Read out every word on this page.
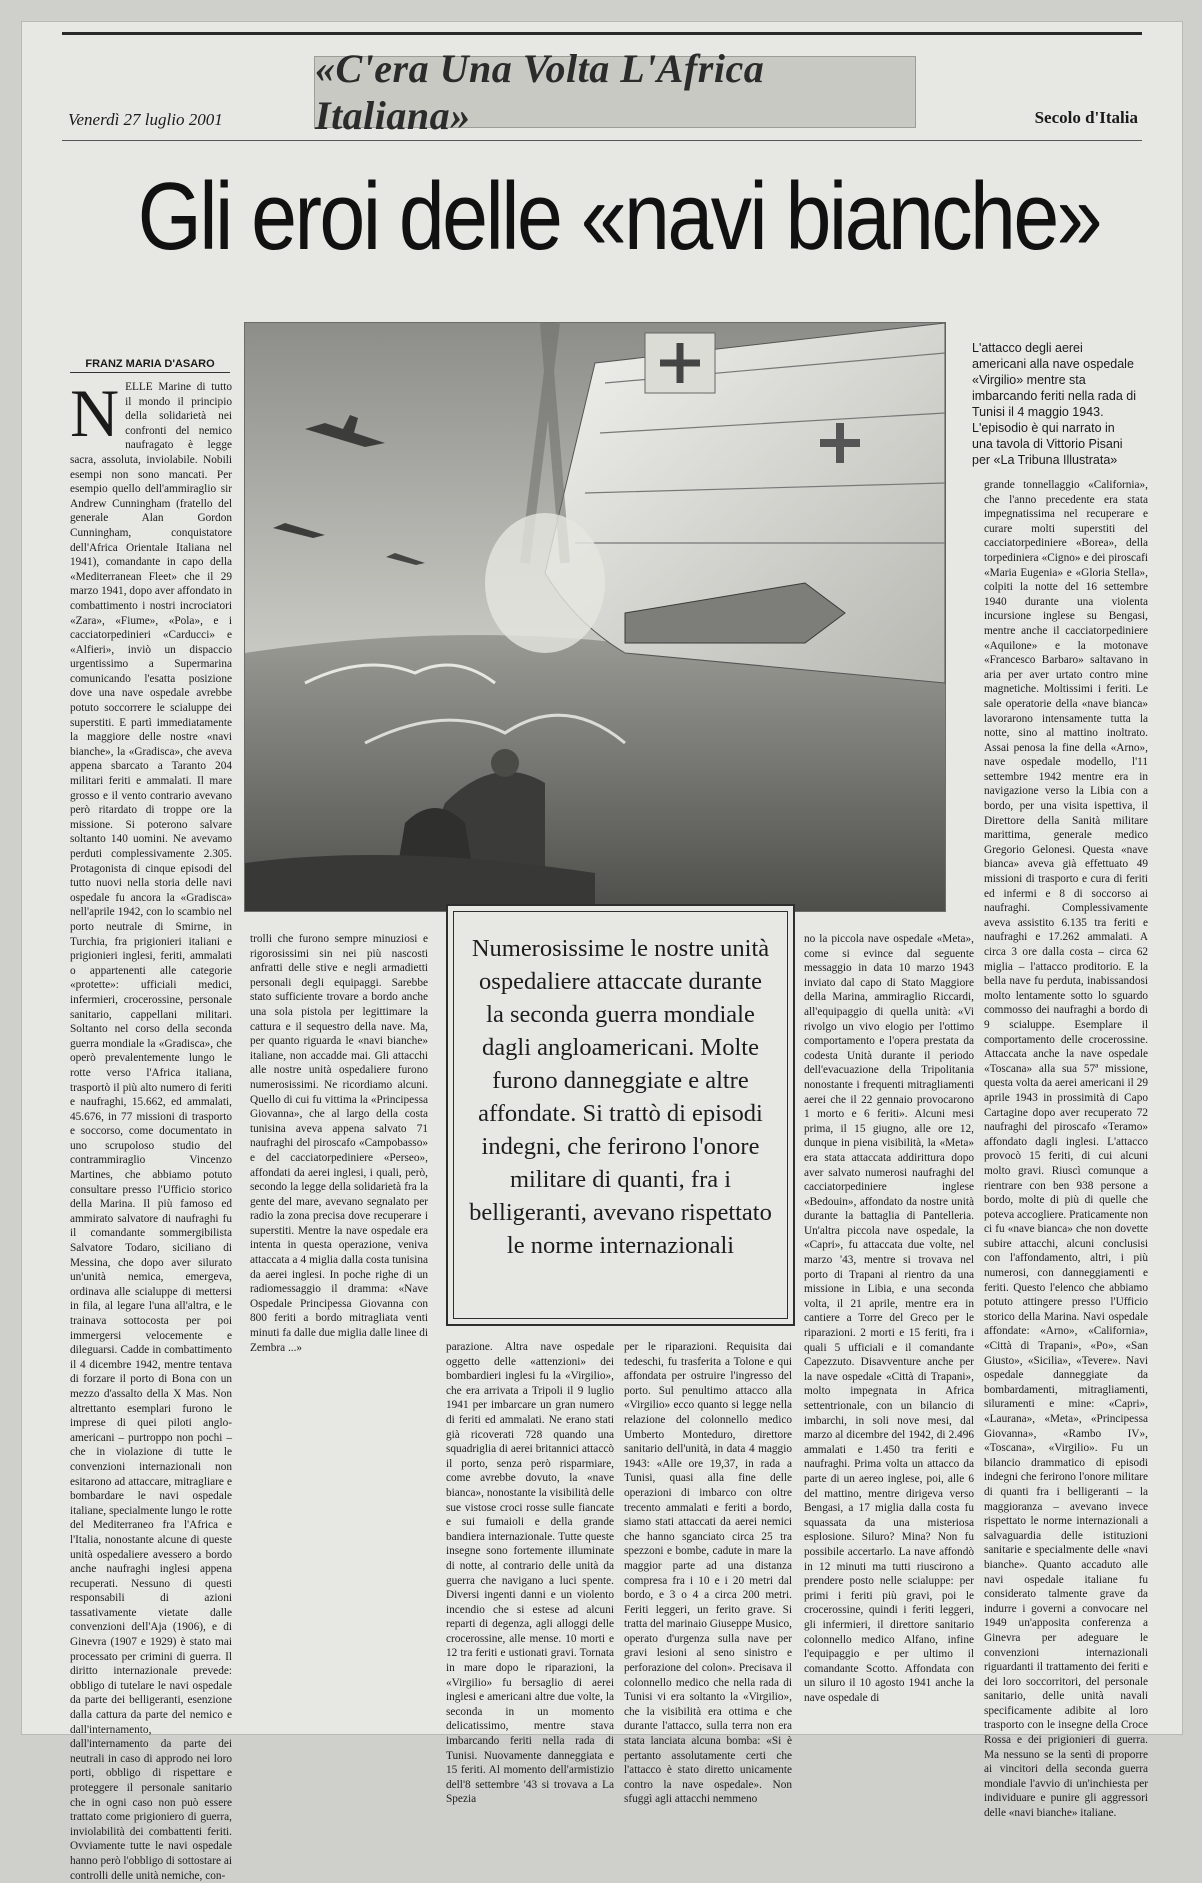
«C'era Una Volta L'Africa Italiana»
Venerdì 27 luglio 2001	Secolo d'Italia
Gli eroi delle «navi bianche»
L'attacco degli aerei americani alla nave ospedale «Virgilio» mentre sta imbarcando feriti nella rada di Tunisi il 4 maggio 1943. L'episodio è qui narrato in una tavola di Vittorio Pisani per «La Tribuna Illustrata»
FRANZ MARIA D'ASARO
N ELLE Marine di tutto il mondo il principio della solidarietà nei confronti del nemico naufragato è legge sacra, assoluta, inviolabile. Nobili esempi non sono mancati. Per esempio quello dell'ammiraglio sir Andrew Cunningham (fratello del generale Alan Gordon Cunningham, conquistatore dell'Africa Orientale Italiana nel 1941), comandante in capo della «Mediterranean Fleet» che il 29 marzo 1941, dopo aver affondato in combattimento i nostri incrociatori «Zara», «Fiume», «Pola», e i cacciatorpedinieri «Carducci» e «Alfieri», inviò un dispaccio urgentissimo a Supermarina comunicando l'esatta posizione dove una nave ospedale avrebbe potuto soccorrere le scialuppe dei superstiti. E partì immediatamente la maggiore delle nostre «navi bianche», la «Gradisca», che aveva appena sbarcato a Taranto 204 militari feriti e ammalati. Il mare grosso e il vento contrario avevano però ritardato di troppe ore la missione. Si poterono salvare soltanto 140 uomini. Ne avevamo perduti complessivamente 2.305. Protagonista di cinque episodi del tutto nuovi nella storia delle navi ospedale fu ancora la «Gradisca» nell'aprile 1942, con lo scambio nel porto neutrale di Smirne, in Turchia, fra prigionieri italiani e prigionieri inglesi, feriti, ammalati o appartenenti alle categorie «protette»: ufficiali medici, infermieri, crocerossine, personale sanitario, cappellani militari. Soltanto nel corso della seconda guerra mondiale la «Gradisca», che operò prevalentemente lungo le rotte verso l'Africa italiana, trasportò il più alto numero di feriti e naufraghi, 15.662, ed ammalati, 45.676, in 77 missioni di trasporto e soccorso, come documentato in uno scrupoloso studio del contrammiraglio Vincenzo Martines, che abbiamo potuto consultare presso l'Ufficio storico della Marina. Il più famoso ed ammirato salvatore di naufraghi fu il comandante sommergibilista Salvatore Todaro, siciliano di Messina, che dopo aver silurato un'unità nemica, emergeva, ordinava alle scialuppe di mettersi in fila, al legare l'una all'altra, e le trainava sottocosta per poi immergersi velocemente e dileguarsi. Cadde in combattimento il 4 dicembre 1942, mentre tentava di forzare il porto di Bona con un mezzo d'assalto della X Mas. Non altrettanto esemplari furono le imprese di quei piloti anglo-americani – purtroppo non pochi – che in violazione di tutte le convenzioni internazionali non esitarono ad attaccare, mitragliare e bombardare le navi ospedale italiane, specialmente lungo le rotte del Mediterraneo fra l'Africa e l'Italia, nonostante alcune di queste unità ospedaliere avessero a bordo anche naufraghi inglesi appena recuperati. Nessuno di questi responsabili di azioni tassativamente vietate dalle convenzioni dell'Aja (1906), e di Ginevra (1907 e 1929) è stato mai processato per crimini di guerra. Il diritto internazionale prevede: obbligo di tutelare le navi ospedale da parte dei belligeranti, esenzione dalla cattura da parte del nemico e dall'internamento, dall'internamento da parte dei neutrali in caso di approdo nei loro porti, obbligo di rispettare e proteggere il personale sanitario che in ogni caso non può essere trattato come prigioniero di guerra, inviolabilità dei combattenti feriti. Ovviamente tutte le navi ospedale hanno però l'obbligo di sottostare ai controlli delle unità nemiche, con-
trolli che furono sempre minuziosi e rigorosissimi sin nei più nascosti anfratti delle stive e negli armadietti personali degli equipaggi. Sarebbe stato sufficiente trovare a bordo anche una sola pistola per legittimare la cattura e il sequestro della nave. Ma, per quanto riguarda le «navi bianche» italiane, non accadde mai. Gli attacchi alle nostre unità ospedaliere furono numerosissimi. Ne ricordiamo alcuni. Quello di cui fu vittima la «Principessa Giovanna», che al largo della costa tunisina aveva appena salvato 71 naufraghi del piroscafo «Campobasso» e del cacciatorpediniere «Perseo», affondati da aerei inglesi, i quali, però, secondo la legge della solidarietà fra la gente del mare, avevano segnalato per radio la zona precisa dove recuperare i superstiti. Mentre la nave ospedale era intenta in questa operazione, veniva attaccata a 4 miglia dalla costa tunisina da aerei inglesi. In poche righe di un radiomessaggio il dramma: «Nave Ospedale Principessa Giovanna con 800 feriti a bordo mitragliata venti minuti fa dalle due miglia dalle linee di Zembra ...»	parazione. Altra nave ospedale oggetto delle «attenzioni» dei bombardieri inglesi fu la «Virgilio», che era arrivata a Tripoli il 9 luglio 1941 per imbarcare un gran numero di feriti ed ammalati. Ne erano stati già ricoverati 728 quando una squadriglia di aerei britannici attaccò il porto, senza però risparmiare, come avrebbe dovuto, la «nave bianca», nonostante la visibilità delle sue vistose croci rosse sulle fiancate e sui fumaioli e della grande bandiera internazionale. Tutte queste insegne sono fortemente illuminate di notte, al contrario delle unità da guerra che navigano a luci spente. Diversi ingenti danni e un violento incendio che si estese ad alcuni reparti di degenza, agli alloggi delle crocerossine, alle mense. 10 morti e 12 tra feriti e ustionati gravi. Tornata in mare dopo le riparazioni, la «Virgilio» fu bersaglio di aerei inglesi e americani altre due volte, la seconda in un momento delicatissimo, mentre stava imbarcando feriti nella rada di Tunisi. Nuovamente danneggiata e 15 feriti. Al momento dell'armistizio dell'8 settembre '43 si trovava a La Spezia
per le riparazioni. Requisita dai tedeschi, fu trasferita a Tolone e qui affondata per ostruire l'ingresso del porto. Sul penultimo attacco alla «Virgilio» ecco quanto si legge nella relazione del colonnello medico Umberto Monteduro, direttore sanitario dell'unità, in data 4 maggio 1943: «Alle ore 19,37, in rada a Tunisi, quasi alla fine delle operazioni di imbarco con oltre trecento ammalati e feriti a bordo, siamo stati attaccati da aerei nemici che hanno sganciato circa 25 tra spezzoni e bombe, cadute in mare la maggior parte ad una distanza compresa fra i 10 e i 20 metri dal bordo, e 3 o 4 a circa 200 metri. Feriti leggeri, un ferito grave. Si tratta del marinaio Giuseppe Musico, operato d'urgenza sulla nave per gravi lesioni al seno sinistro e perforazione del colon». Precisava il colonnello medico che nella rada di Tunisi vi era soltanto la «Virgilio», che la visibilità era ottima e che durante l'attacco, sulla terra non era stata lanciata alcuna bomba: «Si è pertanto assolutamente certi che l'attacco è stato diretto unicamente contro la nave ospedale». Non sfuggì agli attacchi nemmeno
no la piccola nave ospedale «Meta», come si evince dal seguente messaggio in data 10 marzo 1943 inviato dal capo di Stato Maggiore della Marina, ammiraglio Riccardi, all'equipaggio di quella unità: «Vi rivolgo un vivo elogio per l'ottimo comportamento e l'opera prestata da codesta Unità durante il periodo dell'evacuazione della Tripolitania nonostante i frequenti mitragliamenti aerei che il 22 gennaio provocarono 1 morto e 6 feriti». Alcuni mesi prima, il 15 giugno, alle ore 12, dunque in piena visibilità, la «Meta» era stata attaccata addirittura dopo aver salvato numerosi naufraghi del cacciatorpediniere inglese «Bedouin», affondato da nostre unità durante la battaglia di Pantelleria. Un'altra piccola nave ospedale, la «Capri», fu attaccata due volte, nel marzo '43, mentre si trovava nel porto di Trapani al rientro da una missione in Libia, e una seconda volta, il 21 aprile, mentre era in cantiere a Torre del Greco per le riparazioni. 2 morti e 15 feriti, fra i quali 5 ufficiali e il comandante Capezzuto. Disavventure anche per la nave ospedale «Città di Trapani», molto impegnata in Africa settentrionale, con un bilancio di imbarchi, in soli nove mesi, dal marzo al dicembre del 1942, di 2.496 ammalati e 1.450 tra feriti e naufraghi. Prima volta un attacco da parte di un aereo inglese, poi, alle 6 del mattino, mentre dirigeva verso Bengasi, a 17 miglia dalla costa fu squassata da una misteriosa esplosione. Siluro? Mina? Non fu possibile accertarlo. La nave affondò in 12 minuti ma tutti riuscirono a prendere posto nelle scialuppe: per primi i feriti più gravi, poi le crocerossine, quindi i feriti leggeri, gli infermieri, il direttore sanitario colonnello medico Alfano, infine l'equipaggio e per ultimo il comandante Scotto. Affondata con un siluro il 10 agosto 1941 anche la nave ospedale di
grande tonnellaggio «California», che l'anno precedente era stata impegnatissima nel recuperare e curare molti superstiti del cacciatorpediniere «Borea», della torpediniera «Cigno» e dei piroscafi «Maria Eugenia» e «Gloria Stella», colpiti la notte del 16 settembre 1940 durante una violenta incursione inglese su Bengasi, mentre anche il cacciatorpediniere «Aquilone» e la motonave «Francesco Barbaro» saltavano in aria per aver urtato contro mine magnetiche. Moltissimi i feriti. Le sale operatorie della «nave bianca» lavorarono intensamente tutta la notte, sino al mattino inoltrato. Assai penosa la fine della «Arno», nave ospedale modello, l'11 settembre 1942 mentre era in navigazione verso la Libia con a bordo, per una visita ispettiva, il Direttore della Sanità militare marittima, generale medico Gregorio Gelonesi. Questa «nave bianca» aveva già effettuato 49 missioni di trasporto e cura di feriti ed infermi e 8 di soccorso ai naufraghi. Complessivamente aveva assistito 6.135 tra feriti e naufraghi e 17.262 ammalati. A circa 3 ore dalla costa – circa 62 miglia – l'attacco proditorio. E la bella nave fu perduta, inabissandosi molto lentamente sotto lo sguardo commosso dei naufraghi a bordo di 9 scialuppe. Esemplare il comportamento delle crocerossine. Attaccata anche la nave ospedale «Toscana» alla sua 57ª missione, questa volta da aerei americani il 29 aprile 1943 in prossimità di Capo Cartagine dopo aver recuperato 72 naufraghi del piroscafo «Teramo» affondato dagli inglesi. L'attacco provocò 15 feriti, di cui alcuni molto gravi. Riuscì comunque a rientrare con ben 938 persone a bordo, molte di più di quelle che poteva accogliere. Praticamente non ci fu «nave bianca» che non dovette subire attacchi, alcuni conclusisi con l'affondamento, altri, i più numerosi, con danneggiamenti e feriti. Questo l'elenco che abbiamo potuto attingere presso l'Ufficio storico della Marina. Navi ospedale affondate: «Arno», «California», «Città di Trapani», «Po», «San Giusto», «Sicilia», «Tevere». Navi ospedale danneggiate da bombardamenti, mitragliamenti, siluramenti e mine: «Capri», «Laurana», «Meta», «Principessa Giovanna», «Rambo IV», «Toscana», «Virgilio». Fu un bilancio drammatico di episodi indegni che ferirono l'onore militare di quanti fra i belligeranti – la maggioranza – avevano invece rispettato le norme internazionali a salvaguardia delle istituzioni sanitarie e specialmente delle «navi bianche». Quanto accaduto alle navi ospedale italiane fu considerato talmente grave da indurre i governi a convocare nel 1949 un'apposita conferenza a Ginevra per adeguare le convenzioni internazionali riguardanti il trattamento dei feriti e dei loro soccorritori, del personale sanitario, delle unità navali specificamente adibite al loro trasporto con le insegne della Croce Rossa e dei prigionieri di guerra. Ma nessuno se la sentì di proporre ai vincitori della seconda guerra mondiale l'avvio di un'inchiesta per individuare e punire gli aggressori delle «navi bianche» italiane.
Numerosissime le nostre unità ospedaliere attaccate durante la seconda guerra mondiale dagli angloamericani. Molte furono danneggiate e altre affondate. Si trattò di episodi indegni, che ferirono l'onore militare di quanti, fra i belligeranti, avevano rispettato le norme internazionali
